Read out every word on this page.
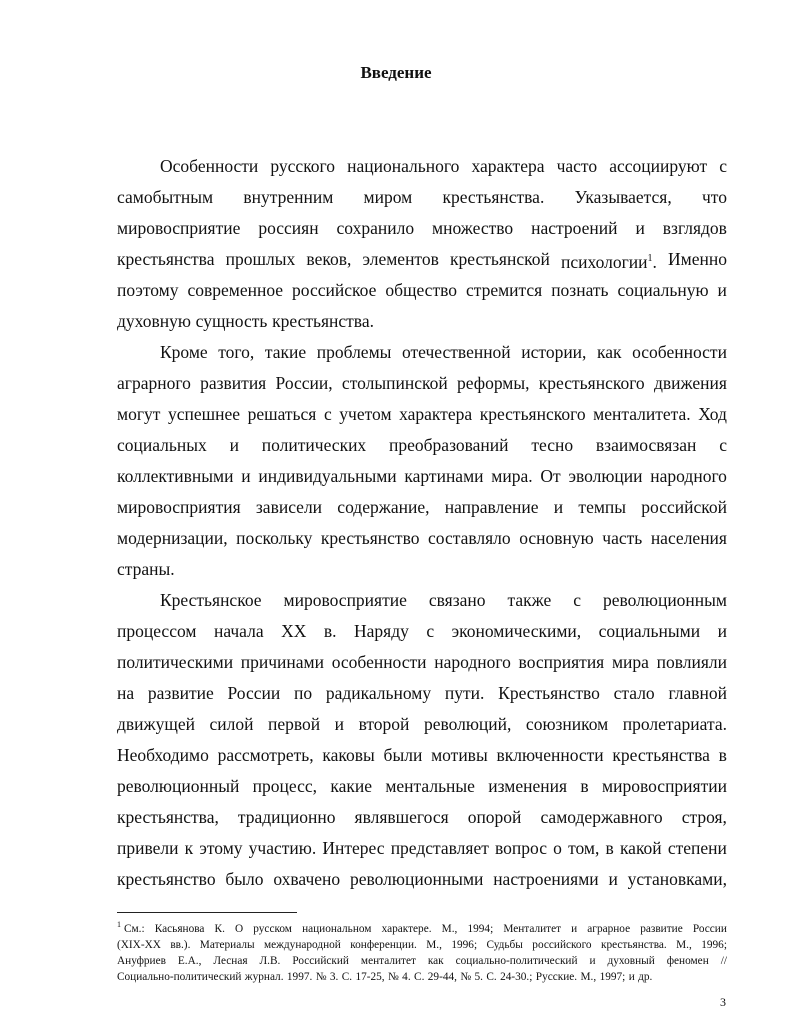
Введение
Особенности русского национального характера часто ассоциируют с
самобытным внутренним миром крестьянства. Указывается, что
мировосприятие россиян сохранило множество настроений и взглядов
крестьянства прошлых веков, элементов крестьянской психологии$^1$. Именно
поэтому современное российское общество стремится познать социальную и
духовную сущность крестьянства.
Кроме того, такие проблемы отечественной истории, как особенности
аграрного развития России, столыпинской реформы, крестьянского движения
могут успешнее решаться с учетом характера крестьянского менталитета. Ход
социальных и политических преобразований тесно взаимосвязан с
коллективными и индивидуальными картинами мира. От эволюции народного
мировосприятия зависели содержание, направление и темпы российской
модернизации, поскольку крестьянство составляло основную часть населения
страны.
Крестьянское мировосприятие связано также с революционным
процессом начала XX в. Наряду с экономическими, социальными и
политическими причинами особенности народного восприятия мира повлияли
на развитие России по радикальному пути. Крестьянство стало главной
движущей силой первой и второй революций, союзником пролетариата.
Необходимо рассмотреть, каковы были мотивы включенности крестьянства в
революционный процесс, какие ментальные изменения в мировосприятии
крестьянства, традиционно являвшегося опорой самодержавного строя,
привели к этому участию. Интерес представляет вопрос о том, в какой степени
крестьянство было охвачено революционными настроениями и установками,
$^1$ См.: Касьянова К. О русском национальном характере. М., 1994; Менталитет и аграрное развитие России
(XIX-XX вв.). Материалы международной конференции. М., 1996; Судьбы российского крестьянства. М., 1996;
Ануфриев Е.А., Лесная Л.В. Российский менталитет как социально-политический и духовный феномен //
Социально-политический журнал. 1997. № 3. С. 17-25, № 4. С. 29-44, № 5. С. 24-30.; Русские. М., 1997; и др.
3
